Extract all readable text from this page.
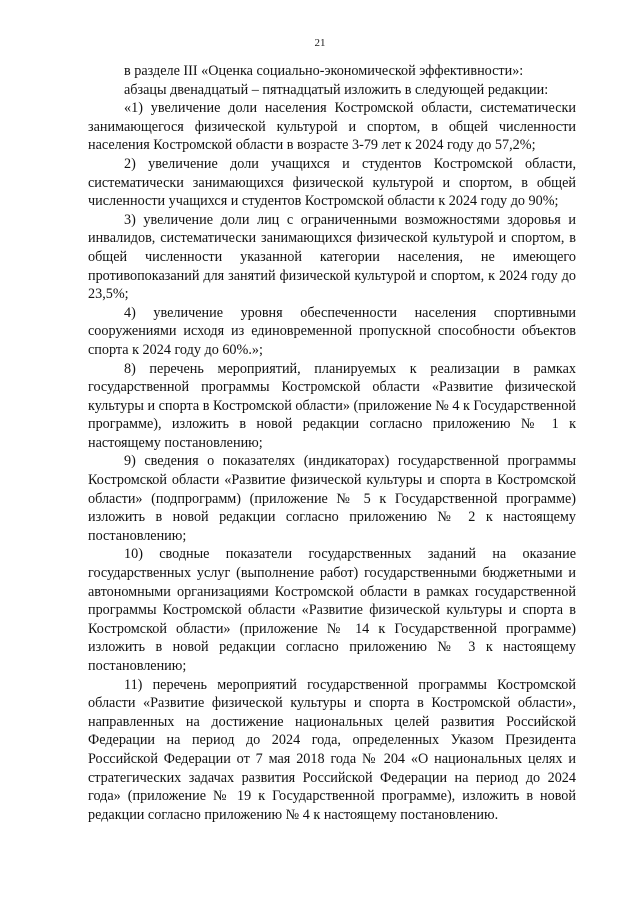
21

в разделе III «Оценка социально-экономической эффективности»:

абзацы двенадцатый – пятнадцатый изложить в следующей редакции:

«1) увеличение доли населения Костромской области, систематически занимающегося физической культурой и спортом, в общей численности населения Костромской области в возрасте 3-79 лет к 2024 году до 57,2%;

2) увеличение доли учащихся и студентов Костромской области, систематически занимающихся физической культурой и спортом, в общей численности учащихся и студентов Костромской области к 2024 году до 90%;

3) увеличение доли лиц с ограниченными возможностями здоровья и инвалидов, систематически занимающихся физической культурой и спортом, в общей численности указанной категории населения, не имеющего противопоказаний для занятий физической культурой и спортом, к 2024 году до 23,5%;

4) увеличение уровня обеспеченности населения спортивными сооружениями исходя из единовременной пропускной способности объектов спорта к 2024 году до 60%.»;

8) перечень мероприятий, планируемых к реализации в рамках государственной программы Костромской области «Развитие физической культуры и спорта в Костромской области» (приложение № 4 к Государственной программе), изложить в новой редакции согласно приложению № 1 к настоящему постановлению;

9) сведения о показателях (индикаторах) государственной программы Костромской области «Развитие физической культуры и спорта в Костромской области» (подпрограмм) (приложение № 5 к Государственной программе) изложить в новой редакции согласно приложению № 2 к настоящему постановлению;

10) сводные показатели государственных заданий на оказание государственных услуг (выполнение работ) государственными бюджетными и автономными организациями Костромской области в рамках государственной программы Костромской области «Развитие физической культуры и спорта в Костромской области» (приложение № 14 к Государственной программе) изложить в новой редакции согласно приложению № 3 к настоящему постановлению;

11) перечень мероприятий государственной программы Костромской области «Развитие физической культуры и спорта в Костромской области», направленных на достижение национальных целей развития Российской Федерации на период до 2024 года, определенных Указом Президента Российской Федерации от 7 мая 2018 года № 204 «О национальных целях и стратегических задачах развития Российской Федерации на период до 2024 года» (приложение № 19 к Государственной программе), изложить в новой редакции согласно приложению № 4 к настоящему постановлению.
